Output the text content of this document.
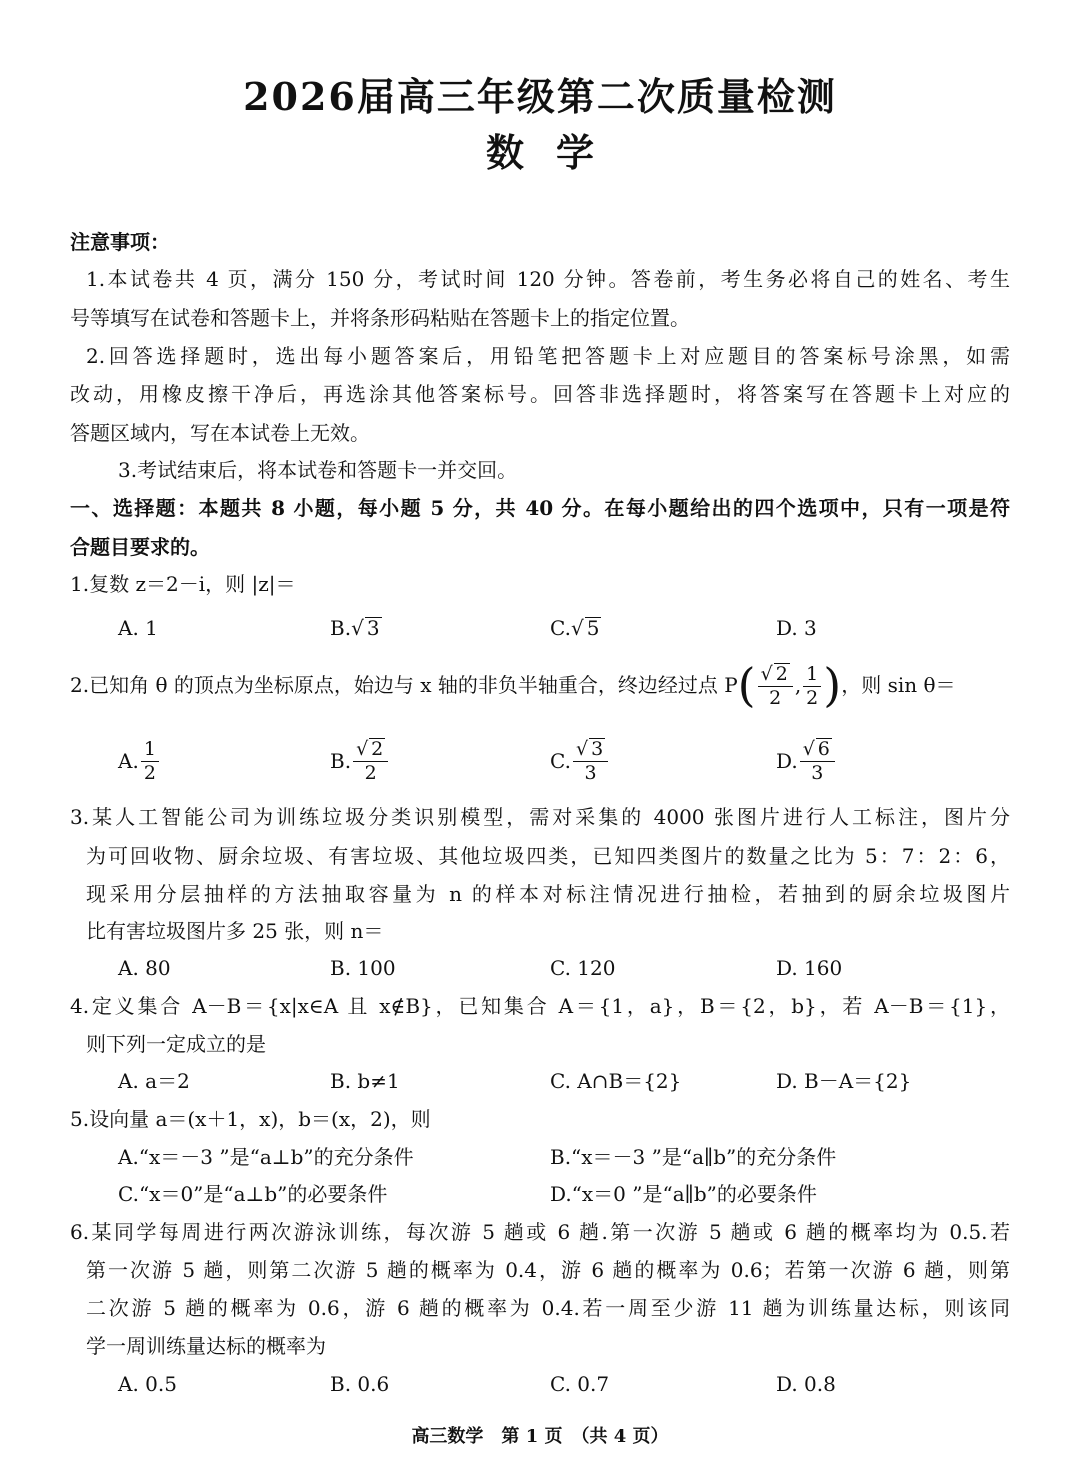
2026届高三年级第二次质量检测
数 学
注意事项：
1.本试卷共 4 页，满分 150 分，考试时间 120 分钟。答卷前，考生务必将自己的姓名、考生
号等填写在试卷和答题卡上，并将条形码粘贴在答题卡上的指定位置。
2.回答选择题时，选出每小题答案后，用铅笔把答题卡上对应题目的答案标号涂黑，如需
改动，用橡皮擦干净后，再选涂其他答案标号。回答非选择题时，将答案写在答题卡上对应的
答题区域内，写在本试卷上无效。
3.考试结束后，将本试卷和答题卡一并交回。
一、选择题：本题共 8 小题，每小题 5 分，共 40 分。在每小题给出的四个选项中，只有一项是符
合题目要求的。
1.复数 z＝2－i，则 |z|＝
A. 1	B.√ 3	C.√ 5	D. 3
2.已知角 θ 的顶点为坐标原点，始边与 x 轴的非负半轴重合，终边经过点 P ( $\frac{√ 2}{2}$ , $\frac{1}{2}$ ) ，则 sin θ＝
A. $\frac{1}{2}$	B. $\frac{√ 2}{2}$	C. $\frac{√ 3}{3}$	D. $\frac{√ 6}{3}$
3.某人工智能公司为训练垃圾分类识别模型，需对采集的 4000 张图片进行人工标注，图片分
为可回收物、厨余垃圾、有害垃圾、其他垃圾四类，已知四类图片的数量之比为 5：7：2：6，
现采用分层抽样的方法抽取容量为 n 的样本对标注情况进行抽检，若抽到的厨余垃圾图片
比有害垃圾图片多 25 张，则 n＝
A. 80	B. 100	C. 120	D. 160
4.定义集合 A－B＝{x|x∈A 且 x∉B}，已知集合 A＝{1，a}，B＝{2，b}，若 A－B＝{1}，
则下列一定成立的是
A. a＝2	B. b≠1	C. A∩B＝{2}	D. B－A＝{2}
5.设向量 a＝(x＋1，x)，b＝(x，2)，则
A.“x＝－3 ”是“a⊥b”的充分条件	B.“x＝－3 ”是“a∥b”的充分条件
C.“x＝0”是“a⊥b”的必要条件	D.“x＝0 ”是“a∥b”的必要条件
6.某同学每周进行两次游泳训练，每次游 5 趟或 6 趟.第一次游 5 趟或 6 趟的概率均为 0.5.若
第一次游 5 趟，则第二次游 5 趟的概率为 0.4，游 6 趟的概率为 0.6；若第一次游 6 趟，则第
二次游 5 趟的概率为 0.6，游 6 趟的概率为 0.4.若一周至少游 11 趟为训练量达标，则该同
学一周训练量达标的概率为
A. 0.5	B. 0.6	C. 0.7	D. 0.8
高三数学　第 1 页　（共 4 页）
